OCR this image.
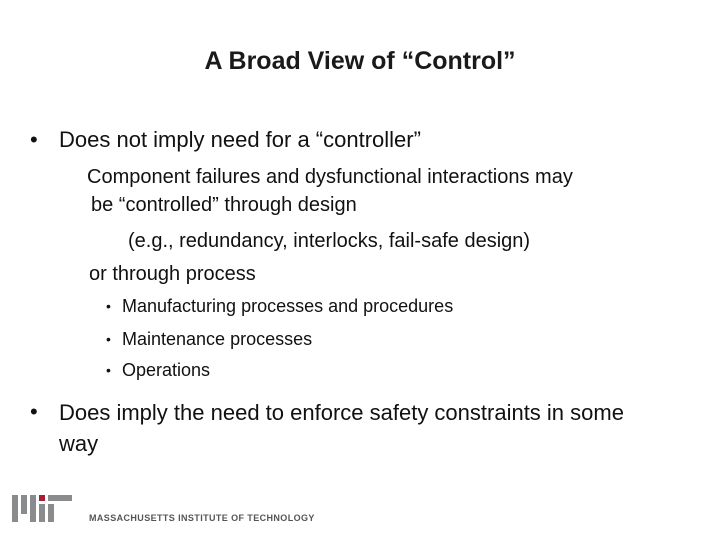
A Broad View of “Control”
• Does not imply need for a “controller”
Component failures and dysfunctional interactions may
be “controlled” through design
(e.g., redundancy, interlocks, fail-safe design)
or through process
• Manufacturing processes and procedures
• Maintenance processes
• Operations
• Does imply the need to enforce safety constraints in some way
MASSACHUSETTS INSTITUTE OF TECHNOLOGY
